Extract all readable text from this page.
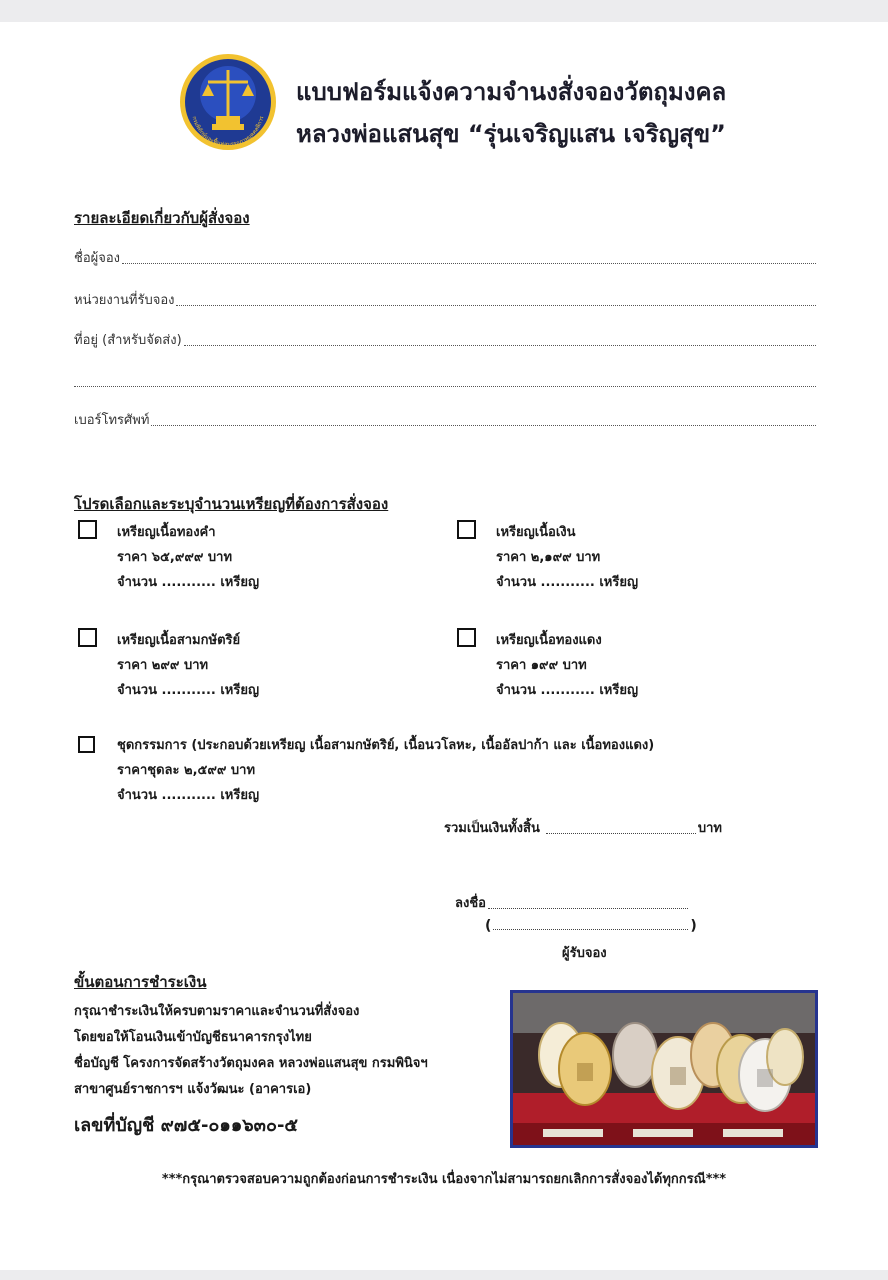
กรมพิทักษ์และฟื้นฟูสมรรถภาพบุคคลพิการ
แบบฟอร์มแจ้งความจำนงสั่งจองวัตถุมงคล
หลวงพ่อแสนสุข “รุ่นเจริญแสน เจริญสุข”
รายละเอียดเกี่ยวกับผู้สั่งจอง
ชื่อผู้จอง
หน่วยงานที่รับจอง
ที่อยู่ (สำหรับจัดส่ง)
เบอร์โทรศัพท์
โปรดเลือกและระบุจำนวนเหรียญที่ต้องการสั่งจอง
เหรียญเนื้อทองคำ
ราคา ๖๕,๙๙๙ บาท
จำนวน ........... เหรียญ
เหรียญเนื้อเงิน
ราคา ๒,๑๙๙ บาท
จำนวน ........... เหรียญ
เหรียญเนื้อสามกษัตริย์
ราคา ๒๙๙ บาท
จำนวน ........... เหรียญ
เหรียญเนื้อทองแดง
ราคา ๑๙๙ บาท
จำนวน ........... เหรียญ
ชุดกรรมการ (ประกอบด้วยเหรียญ เนื้อสามกษัตริย์, เนื้อนวโลหะ, เนื้ออัลปาก้า และ เนื้อทองแดง)
ราคาชุดละ ๒,๕๙๙ บาท
จำนวน ........... เหรียญ
รวมเป็นเงินทั้งสิ้น	บาท
ลงชื่อ
(	)
ผู้รับจอง
ขั้นตอนการชำระเงิน
กรุณาชำระเงินให้ครบตามราคาและจำนวนที่สั่งจอง
โดยขอให้โอนเงินเข้าบัญชีธนาคารกรุงไทย
ชื่อบัญชี โครงการจัดสร้างวัตถุมงคล หลวงพ่อแสนสุข กรมพินิจฯ
สาขาศูนย์ราชการฯ แจ้งวัฒนะ (อาคารเอ)
เลขที่บัญชี ๙๗๕-๐๑๑๖๓๐-๕
***กรุณาตรวจสอบความถูกต้องก่อนการชำระเงิน เนื่องจากไม่สามารถยกเลิกการสั่งจองได้ทุกกรณี***
